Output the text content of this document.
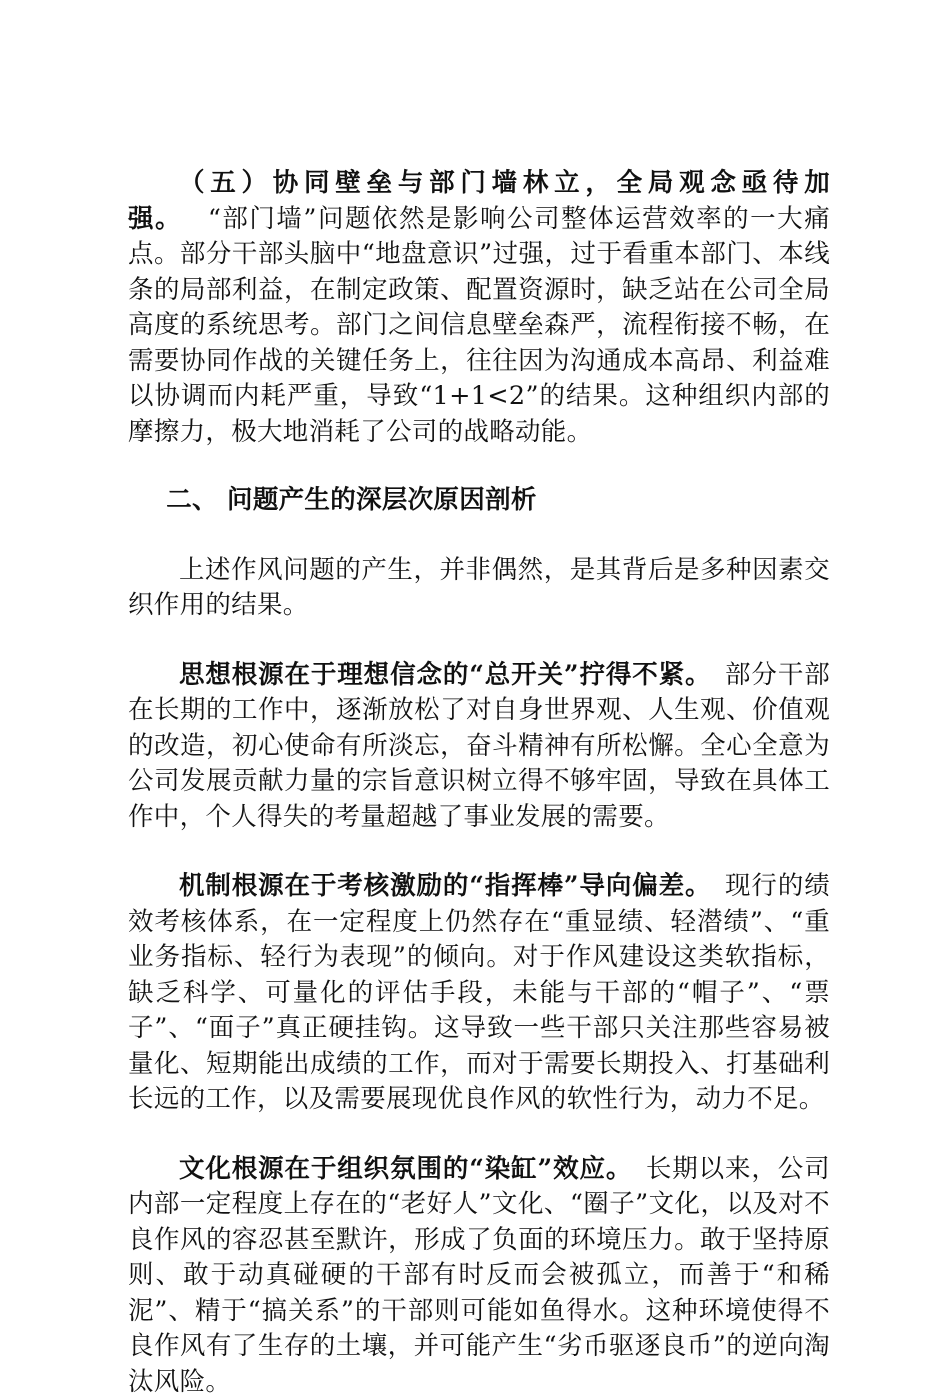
（五）协同壁垒与部门墙林立，全局观念亟待加强。  “部门墙”问题依然是影响公司整体运营效率的一大痛点。部分干部头脑中“地盘意识”过强，过于看重本部门、本线条的局部利益，在制定政策、配置资源时，缺乏站在公司全局高度的系统思考。部门之间信息壁垒森严，流程衔接不畅，在需要协同作战的关键任务上，往往因为沟通成本高昂、利益难以协调而内耗严重，导致“1+1<2”的结果。这种组织内部的摩擦力，极大地消耗了公司的战略动能。

二、 问题产生的深层次原因剖析

上述作风问题的产生，并非偶然，是其背后是多种因素交织作用的结果。

思想根源在于理想信念的“总开关”拧得不紧。  部分干部在长期的工作中，逐渐放松了对自身世界观、人生观、价值观的改造，初心使命有所淡忘，奋斗精神有所松懈。全心全意为公司发展贡献力量的宗旨意识树立得不够牢固，导致在具体工作中，个人得失的考量超越了事业发展的需要。

机制根源在于考核激励的“指挥棒”导向偏差。  现行的绩效考核体系，在一定程度上仍然存在“重显绩、轻潜绩”、“重业务指标、轻行为表现”的倾向。对于作风建设这类软指标，缺乏科学、可量化的评估手段，未能与干部的“帽子”、“票子”、“面子”真正硬挂钩。这导致一些干部只关注那些容易被量化、短期能出成绩的工作，而对于需要长期投入、打基础利长远的工作，以及需要展现优良作风的软性行为，动力不足。

文化根源在于组织氛围的“染缸”效应。  长期以来，公司内部一定程度上存在的“老好人”文化、“圈子”文化，以及对不良作风的容忍甚至默许，形成了负面的环境压力。敢于坚持原则、敢于动真碰硬的干部有时反而会被孤立，而善于“和稀泥”、精于“搞关系”的干部则可能如鱼得水。这种环境使得不良作风有了生存的土壤，并可能产生“劣币驱逐良币”的逆向淘汰风险。
